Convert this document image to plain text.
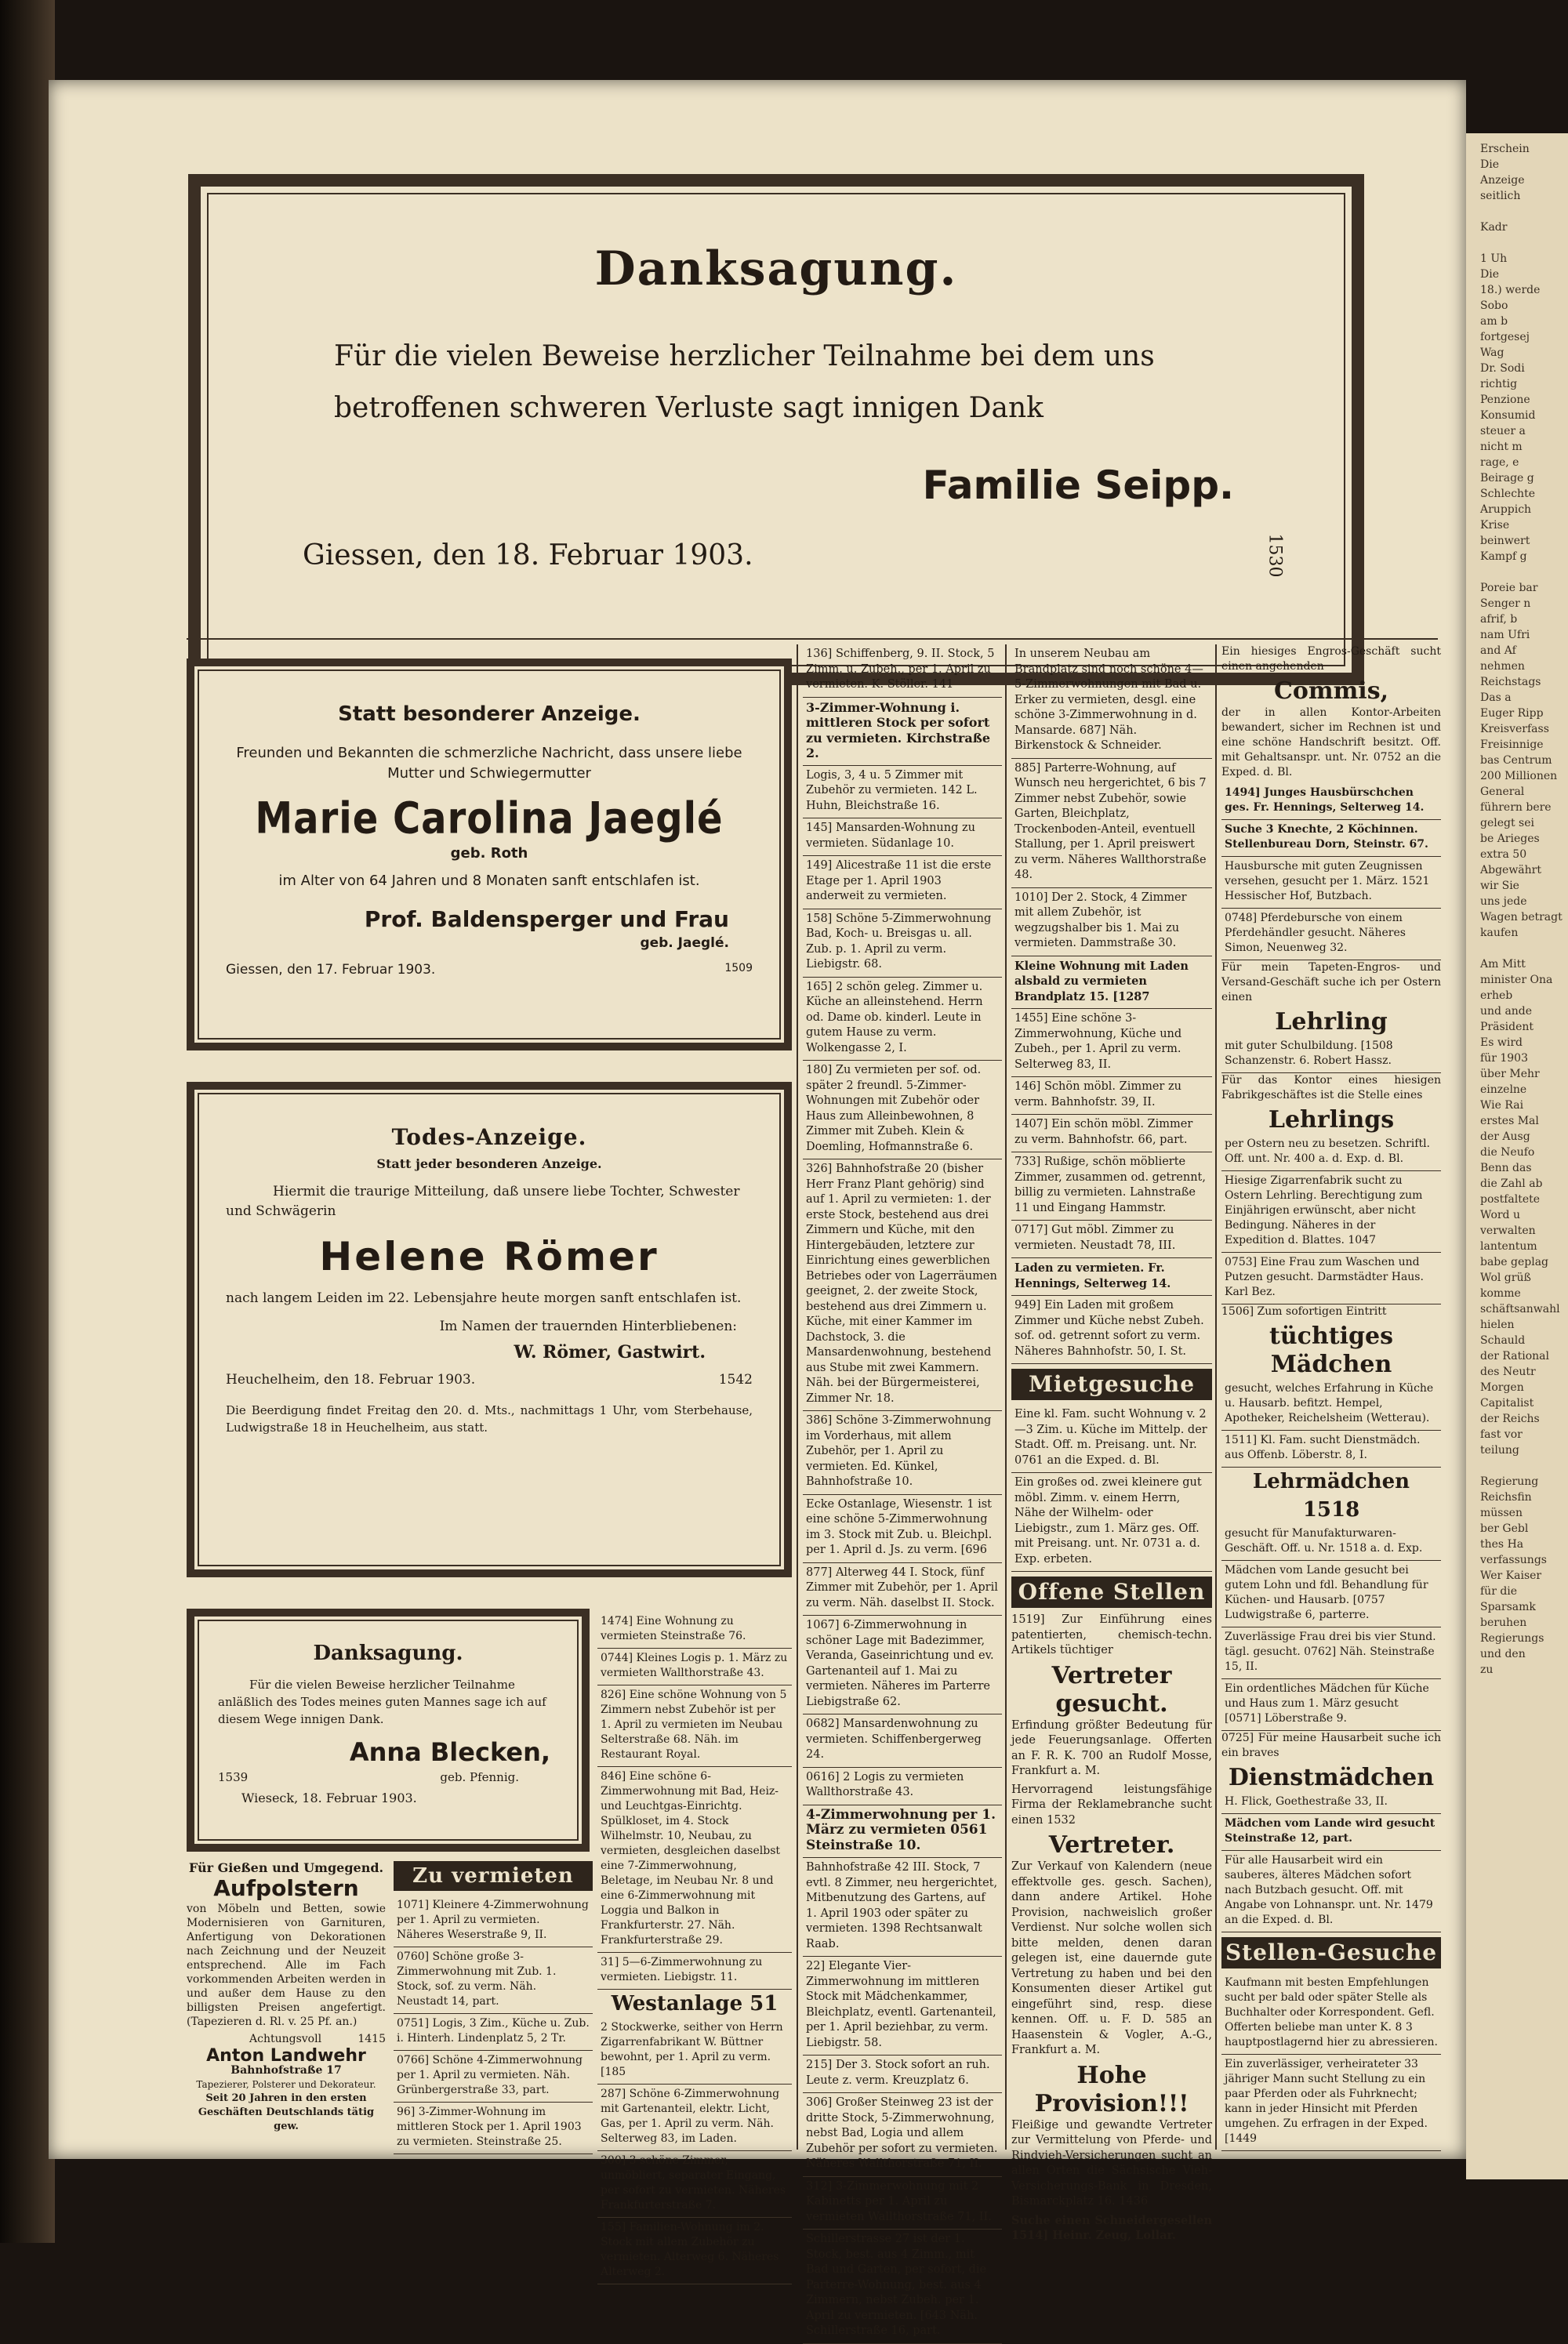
Erschein
Die
Anzeige
seitlich

Kadr

1 Uh
Die
18.) werde
Sobo
am b
fortgesej
Wag
Dr. Sodi
richtig
Penzione
Konsumid
steuer a
nicht m
rage, e
Beirage g
Schlechte
Aruppich
Krise
beinwert
Kampf g

Poreie bar
Senger n
afrif, b
nam Ufri
and Af
nehmen
Reichstags
Das a
Euger Ripp
Kreisverfass
Freisinnige
bas Centrum
200 Millionen
General
führern bere
gelegt sei
be Arieges
extra 50
Abgewährt
wir Sie
uns jede
Wagen betragt
kaufen

Am Mitt
minister Ona
erheb
und ande
Präsident
Es wird
für 1903
über Mehr
einzelne
Wie Rai
erstes Mal
der Ausg
die Neufo
Benn das
die Zahl ab
postfaltete
Word u
verwalten
lantentum
babe geplag
Wol grüß
komme
schäftsanwahl
hielen
Schauld
der Rational
des Neutr
Morgen
Capitalist
der Reichs
fast vor
teilung

Regierung
Reichsfin
müssen
ber Gebl
thes Ha
verfassungs
Wer Kaiser
für die
Sparsamk
beruhen
Regierungs
und den
zu
Danksagung.
Für die vielen Beweise herzlicher Teilnahme bei dem uns betroffenen schweren Verluste sagt innigen Dank
Familie Seipp.
Giessen, den 18. Februar 1903.	1530
Statt besonderer Anzeige.
Freunden und Bekannten die schmerzliche Nachricht, dass unsere liebe Mutter und Schwiegermutter
Marie Carolina Jaeglé
geb. Roth
im Alter von 64 Jahren und 8 Monaten sanft entschlafen ist.
Prof. Baldensperger und Frau
geb. Jaeglé.
Giessen, den 17. Februar 1903.	1509
Todes-Anzeige.
Statt jeder besonderen Anzeige.
Hiermit die traurige Mitteilung, daß unsere liebe Tochter, Schwester und Schwägerin
Helene Römer
nach langem Leiden im 22. Lebensjahre heute morgen sanft entschlafen ist.
Im Namen der trauernden Hinterbliebenen:
W. Römer, Gastwirt.
Heuchelheim, den 18. Februar 1903.	1542
Die Beerdigung findet Freitag den 20. d. Mts., nachmittags 1 Uhr, vom Sterbehause, Ludwigstraße 18 in Heuchelheim, aus statt.
Danksagung.
Für die vielen Beweise herzlicher Teilnahme anläßlich des Todes meines guten Mannes sage ich auf diesem Wege innigen Dank.
Anna Blecken,
1539	geb. Pfennig.
Wieseck, 18. Februar 1903.
1474] Eine Wohnung zu vermieten Steinstraße 76.
0744] Kleines Logis p. 1. März zu vermieten Wallthorstraße 43.
826] Eine schöne Wohnung von 5 Zimmern nebst Zubehör ist per 1. April zu vermieten im Neubau Selterstraße 68. Näh. im Restaurant Royal.
846] Eine schöne 6-Zimmerwohnung mit Bad, Heiz- und Leuchtgas-Einrichtg. Spülkloset, im 4. Stock Wilhelmstr. 10, Neubau, zu vermieten, desgleichen daselbst eine 7-Zimmerwohnung, Beletage, im Neubau Nr. 8 und eine 6-Zimmerwohnung mit Loggia und Balkon in Frankfurterstr. 27. Näh. Frankfurterstraße 29.
31] 5—6-Zimmerwohnung zu vermieten. Liebigstr. 11.
Westanlage 51
2 Stockwerke, seither von Herrn Zigarrenfabrikant W. Büttner bewohnt, per 1. April zu verm. [185
287] Schöne 6-Zimmerwohnung mit Gartenanteil, elektr. Licht, Gas, per 1. April zu verm. Näh. Selterweg 83, im Laden.
300] 3 schöne Zimmer, unmöbliert, separater Eingang, per sofort zu vermieten. Näheres Frankfurterstraße 7.
155] Familien-Wohnung im 2. Stock mit allem Zubehör zu vermieten. Alterweg 6. Näheres Alterweg 2.
Für Gießen und Umgegend.
Aufpolstern

von Möbeln und Betten, sowie Modernisieren von Garnituren, Anfertigung von Dekorationen nach Zeichnung und der Neuzeit entsprechend. Alle im Fach vorkommenden Arbeiten werden in und außer dem Hause zu den billigsten Preisen angefertigt. (Tapezieren d. Rl. v. 25 Pf. an.)

Achtungsvoll	1415
Anton Landwehr
Bahnhofstraße 17
Tapezierer, Polsterer und Dekorateur.
Seit 20 Jahren in den ersten Geschäften Deutschlands tätig gew.
Zu vermieten
1071] Kleinere 4-Zimmerwohnung per 1. April zu vermieten. Näheres Weserstraße 9, II.
0760] Schöne große 3-Zimmerwohnung mit Zub. 1. Stock, sof. zu verm. Näh. Neustadt 14, part.
0751] Logis, 3 Zim., Küche u. Zub. i. Hinterh. Lindenplatz 5, 2 Tr.
0766] Schöne 4-Zimmerwohnung per 1. April zu vermieten. Näh. Grünbergerstraße 33, part.
96] 3-Zimmer-Wohnung im mittleren Stock per 1. April 1903 zu vermieten. Steinstraße 25.
136] Schiffenberg, 9. II. Stock, 5 Zimm. u. Zubeh., per 1. April zu vermieten. K. Stöller. 141
3-Zimmer-Wohnung i. mittleren Stock per sofort zu vermieten. Kirchstraße 2.
Logis, 3, 4 u. 5 Zimmer mit Zubehör zu vermieten. 142 L. Huhn, Bleichstraße 16.
145] Mansarden-Wohnung zu vermieten. Südanlage 10.
149] Alicestraße 11 ist die erste Etage per 1. April 1903 anderweit zu vermieten.
158] Schöne 5-Zimmerwohnung Bad, Koch- u. Breisgas u. all. Zub. p. 1. April zu verm. Liebigstr. 68.
165] 2 schön geleg. Zimmer u. Küche an alleinstehend. Herrn od. Dame ob. kinderl. Leute in gutem Hause zu verm. Wolkengasse 2, I.
180] Zu vermieten per sof. od. später 2 freundl. 5-Zimmer-Wohnungen mit Zubehör oder Haus zum Alleinbewohnen, 8 Zimmer mit Zubeh. Klein & Doemling, Hofmannstraße 6.
326] Bahnhofstraße 20 (bisher Herr Franz Plant gehörig) sind auf 1. April zu vermieten: 1. der erste Stock, bestehend aus drei Zimmern und Küche, mit den Hintergebäuden, letztere zur Einrichtung eines gewerblichen Betriebes oder von Lagerräumen geeignet, 2. der zweite Stock, bestehend aus drei Zimmern u. Küche, mit einer Kammer im Dachstock, 3. die Mansardenwohnung, bestehend aus Stube mit zwei Kammern. Näh. bei der Bürgermeisterei, Zimmer Nr. 18.
386] Schöne 3-Zimmerwohnung im Vorderhaus, mit allem Zubehör, per 1. April zu vermieten. Ed. Künkel, Bahnhofstraße 10.
Ecke Ostanlage, Wiesenstr. 1 ist eine schöne 5-Zimmerwohnung im 3. Stock mit Zub. u. Bleichpl. per 1. April d. Js. zu verm. [696
877] Alterweg 44 I. Stock, fünf Zimmer mit Zubehör, per 1. April zu verm. Näh. daselbst II. Stock.
1067] 6-Zimmerwohnung in schöner Lage mit Badezimmer, Veranda, Gaseinrichtung und ev. Gartenanteil auf 1. Mai zu vermieten. Näheres im Parterre Liebigstraße 62.
0682] Mansardenwohnung zu vermieten. Schiffenbergerweg 24.
0616] 2 Logis zu vermieten Wallthorstraße 43.
4-Zimmerwohnung per 1. März zu vermieten 0561 Steinstraße 10.
Bahnhofstraße 42 III. Stock, 7 evtl. 8 Zimmer, neu hergerichtet, Mitbenutzung des Gartens, auf 1. April 1903 oder später zu vermieten. 1398 Rechtsanwalt Raab.
22] Elegante Vier-Zimmerwohnung im mittleren Stock mit Mädchenkammer, Bleichplatz, eventl. Gartenanteil, per 1. April beziehbar, zu verm. Liebigstr. 58.
215] Der 3. Stock sofort an ruh. Leute z. verm. Kreuzplatz 6.
306] Großer Steinweg 23 ist der dritte Stock, 5-Zimmerwohnung, nebst Bad, Logia und allem Zubehör per sofort zu vermieten. Näheres Wallthorstraße 71, II.
312] 3-Zimmerwohnung mit 2 Kabinetts per 1. April zu vermieten Wallthorstraße 71, II.
Schillerstrasse 27 ist der 1. Stock, best. aus 4 Zimm., mit Bad und Garten, per sofort, die Parterre-Wohnung, best. aus 4 Zimmern, nebst Zubeh. per 1. April zu vermieten. [643 Näh. Schillerstraße 16, part.
In unserem Neubau am Brandplatz sind noch schöne 4—5-Zimmerwohnungen mit Bad u. Erker zu vermieten, desgl. eine schöne 3-Zimmerwohnung in d. Mansarde. 687] Näh. Birkenstock & Schneider.
885] Parterre-Wohnung, auf Wunsch neu hergerichtet, 6 bis 7 Zimmer nebst Zubehör, sowie Garten, Bleichplatz, Trockenboden-Anteil, eventuell Stallung, per 1. April preiswert zu verm. Näheres Wallthorstraße 48.
1010] Der 2. Stock, 4 Zimmer mit allem Zubehör, ist wegzugshalber bis 1. Mai zu vermieten. Dammstraße 30.
Kleine Wohnung mit Laden alsbald zu vermieten Brandplatz 15. [1287
1455] Eine schöne 3-Zimmerwohnung, Küche und Zubeh., per 1. April zu verm. Selterweg 83, II.
146] Schön möbl. Zimmer zu verm. Bahnhofstr. 39, II.
1407] Ein schön möbl. Zimmer zu verm. Bahnhofstr. 66, part.
733] Rußige, schön möblierte Zimmer, zusammen od. getrennt, billig zu vermieten. Lahnstraße 11 und Eingang Hammstr.
0717] Gut möbl. Zimmer zu vermieten. Neustadt 78, III.
Laden zu vermieten. Fr. Hennings, Selterweg 14.
949] Ein Laden mit großem Zimmer und Küche nebst Zubeh. sof. od. getrennt sofort zu verm. Näheres Bahnhofstr. 50, I. St.
Mietgesuche
Eine kl. Fam. sucht Wohnung v. 2—3 Zim. u. Küche im Mittelp. der Stadt. Off. m. Preisang. unt. Nr. 0761 an die Exped. d. Bl.
Ein großes od. zwei kleinere gut möbl. Zimm. v. einem Herrn, Nähe der Wilhelm- oder Liebigstr., zum 1. März ges. Off. mit Preisang. unt. Nr. 0731 a. d. Exp. erbeten.
Offene Stellen

1519] Zur Einführung eines patentierten, chemisch-techn. Artikels tüchtiger

Vertreter gesucht.

Erfindung größter Bedeutung für jede Feuerungsanlage. Offerten an F. R. K. 700 an Rudolf Mosse, Frankfurt a. M.

Hervorragend leistungsfähige Firma der Reklamebranche sucht einen 1532

Vertreter.

Zur Verkauf von Kalendern (neue effektvolle ges. gesch. Sachen), dann andere Artikel. Hohe Provision, nachweislich großer Verdienst. Nur solche wollen sich bitte melden, denen daran gelegen ist, eine dauernde gute Vertretung zu haben und bei den Konsumenten dieser Artikel gut eingeführt sind, resp. diese kennen. Off. u. F. D. 585 an Haasenstein & Vogler, A.-G., Frankfurt a. M.

Hohe Provision!!!

Fleißige und gewandte Vertreter zur Vermittelung von Pferde- und Rindvieh-Versicherungen sucht an allen Orten die Sächsische Vieh-Versicherungs-Bank in Dresden, Bismarckplatz 16. 1436

Suche einen Schneidergesellen 1514] Heinr. Zeug, Lollar.

Ein hiesiges Engros-Geschäft sucht einen angehenden

Commis,

der in allen Kontor-Arbeiten bewandert, sicher im Rechnen ist und eine schöne Handschrift besitzt. Off. mit Gehaltsanspr. unt. Nr. 0752 an die Exped. d. Bl.

1494] Junges Hausbürschchen ges. Fr. Hennings, Selterweg 14.
Suche 3 Knechte, 2 Köchinnen. Stellenbureau Dorn, Steinstr. 67.
Hausbursche mit guten Zeugnissen versehen, gesucht per 1. März. 1521 Hessischer Hof, Butzbach.
0748] Pferdebursche von einem Pferdehändler gesucht. Näheres Simon, Neuenweg 32.

Für mein Tapeten-Engros- und Versand-Geschäft suche ich per Ostern einen

Lehrling
mit guter Schulbildung. [1508 Schanzenstr. 6. Robert Hassz.

Für das Kontor eines hiesigen Fabrikgeschäftes ist die Stelle eines

Lehrlings
per Ostern neu zu besetzen. Schriftl. Off. unt. Nr. 400 a. d. Exp. d. Bl.
Hiesige Zigarrenfabrik sucht zu Ostern Lehrling. Berechtigung zum Einjährigen erwünscht, aber nicht Bedingung. Näheres in der Expedition d. Blattes. 1047
0753] Eine Frau zum Waschen und Putzen gesucht. Darmstädter Haus. Karl Bez.

1506] Zum sofortigen Eintritt

tüchtiges Mädchen
gesucht, welches Erfahrung in Küche u. Hausarb. befitzt. Hempel, Apotheker, Reichelsheim (Wetterau).
1511] Kl. Fam. sucht Dienstmädch. aus Offenb. Löberstr. 8, I.
Lehrmädchen 1518
gesucht für Manufakturwaren-Geschäft. Off. u. Nr. 1518 a. d. Exp.
Mädchen vom Lande gesucht bei gutem Lohn und fdl. Behandlung für Küchen- und Hausarb. [0757 Ludwigstraße 6, parterre.
Zuverlässige Frau drei bis vier Stund. tägl. gesucht. 0762] Näh. Steinstraße 15, II.
Ein ordentliches Mädchen für Küche und Haus zum 1. März gesucht [0571] Löberstraße 9.

0725] Für meine Hausarbeit suche ich ein braves

Dienstmädchen
H. Flick, Goethestraße 33, II.
Mädchen vom Lande wird gesucht Steinstraße 12, part.
Für alle Hausarbeit wird ein sauberes, älteres Mädchen sofort nach Butzbach gesucht. Off. mit Angabe von Lohnanspr. unt. Nr. 1479 an die Exped. d. Bl.
Stellen-Gesuche
Kaufmann mit besten Empfehlungen sucht per bald oder später Stelle als Buchhalter oder Korrespondent. Gefl. Offerten beliebe man unter K. 8 3 hauptpostlagernd hier zu abressieren.
Ein zuverlässiger, verheirateter 33 jähriger Mann sucht Stellung zu ein paar Pferden oder als Fuhrknecht; kann in jeder Hinsicht mit Pferden umgehen. Zu erfragen in der Exped. [1449
